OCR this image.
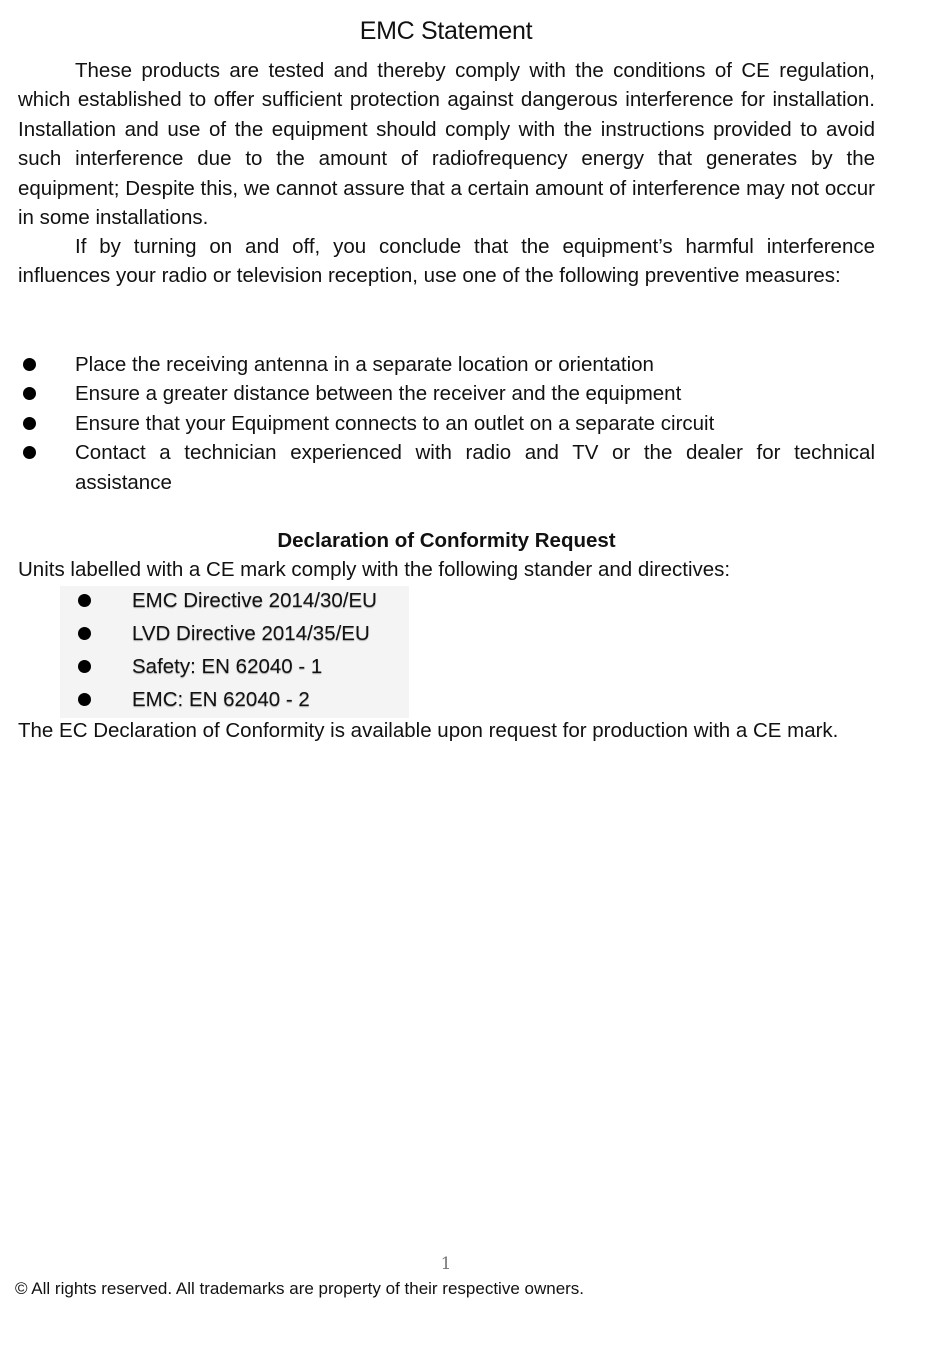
EMC Statement

These products are tested and thereby comply with the conditions of CE regulation, which established to offer sufficient protection against dangerous interference for installation. Installation and use of the equipment should comply with the instructions provided to avoid such interference due to the amount of radiofrequency energy that generates by the equipment; Despite this, we cannot assure that a certain amount of interference may not occur in some installations.

If by turning on and off, you conclude that the equipment’s harmful interference influences your radio or television reception, use one of the following preventive measures:

Place the receiving antenna in a separate location or orientation
Ensure a greater distance between the receiver and the equipment
Ensure that your Equipment connects to an outlet on a separate circuit
Contact a technician experienced with radio and TV or the dealer for technical assistance

Declaration of Conformity Request

Units labelled with a CE mark comply with the following stander and directives:

EMC Directive 2014/30/EU
LVD Directive 2014/35/EU
Safety: EN 62040 - 1
EMC: EN 62040 - 2

The EC Declaration of Conformity is available upon request for production with a CE mark.

1
© All rights reserved. All trademarks are property of their respective owners.
